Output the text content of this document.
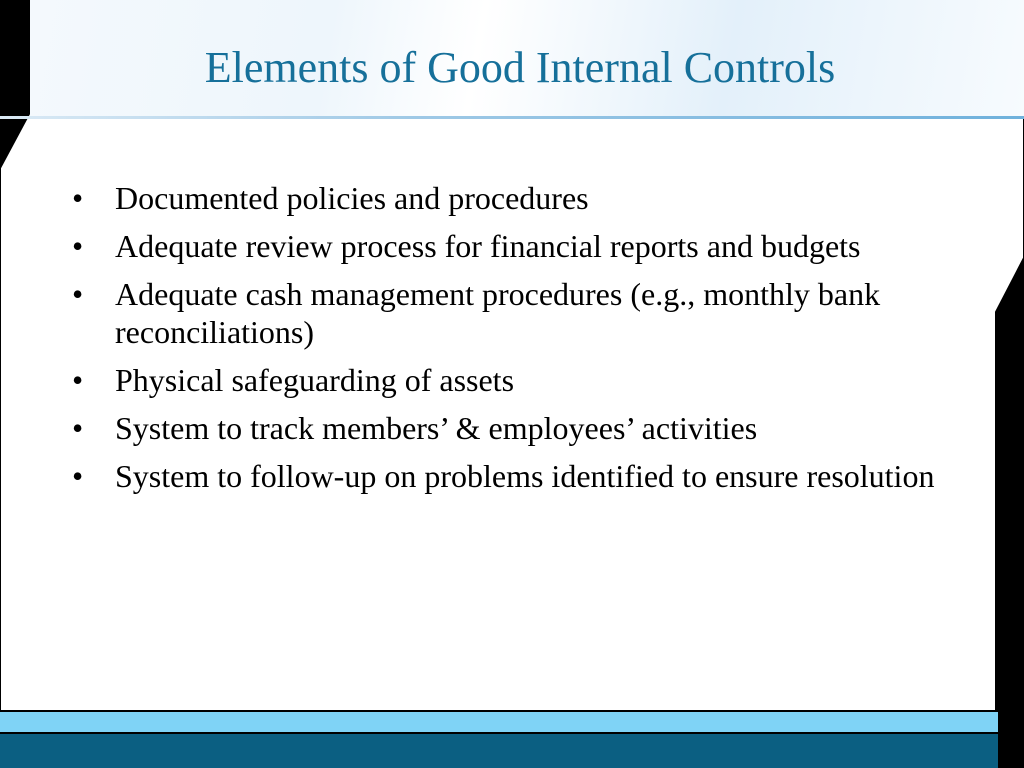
Elements of Good Internal Controls
• Documented policies and procedures
• Adequate review process for financial reports and budgets
• Adequate cash management procedures (e.g., monthly bank reconciliations)
• Physical safeguarding of assets
• System to track members’ & employees’ activities
• System to follow-up on problems identified to ensure resolution
